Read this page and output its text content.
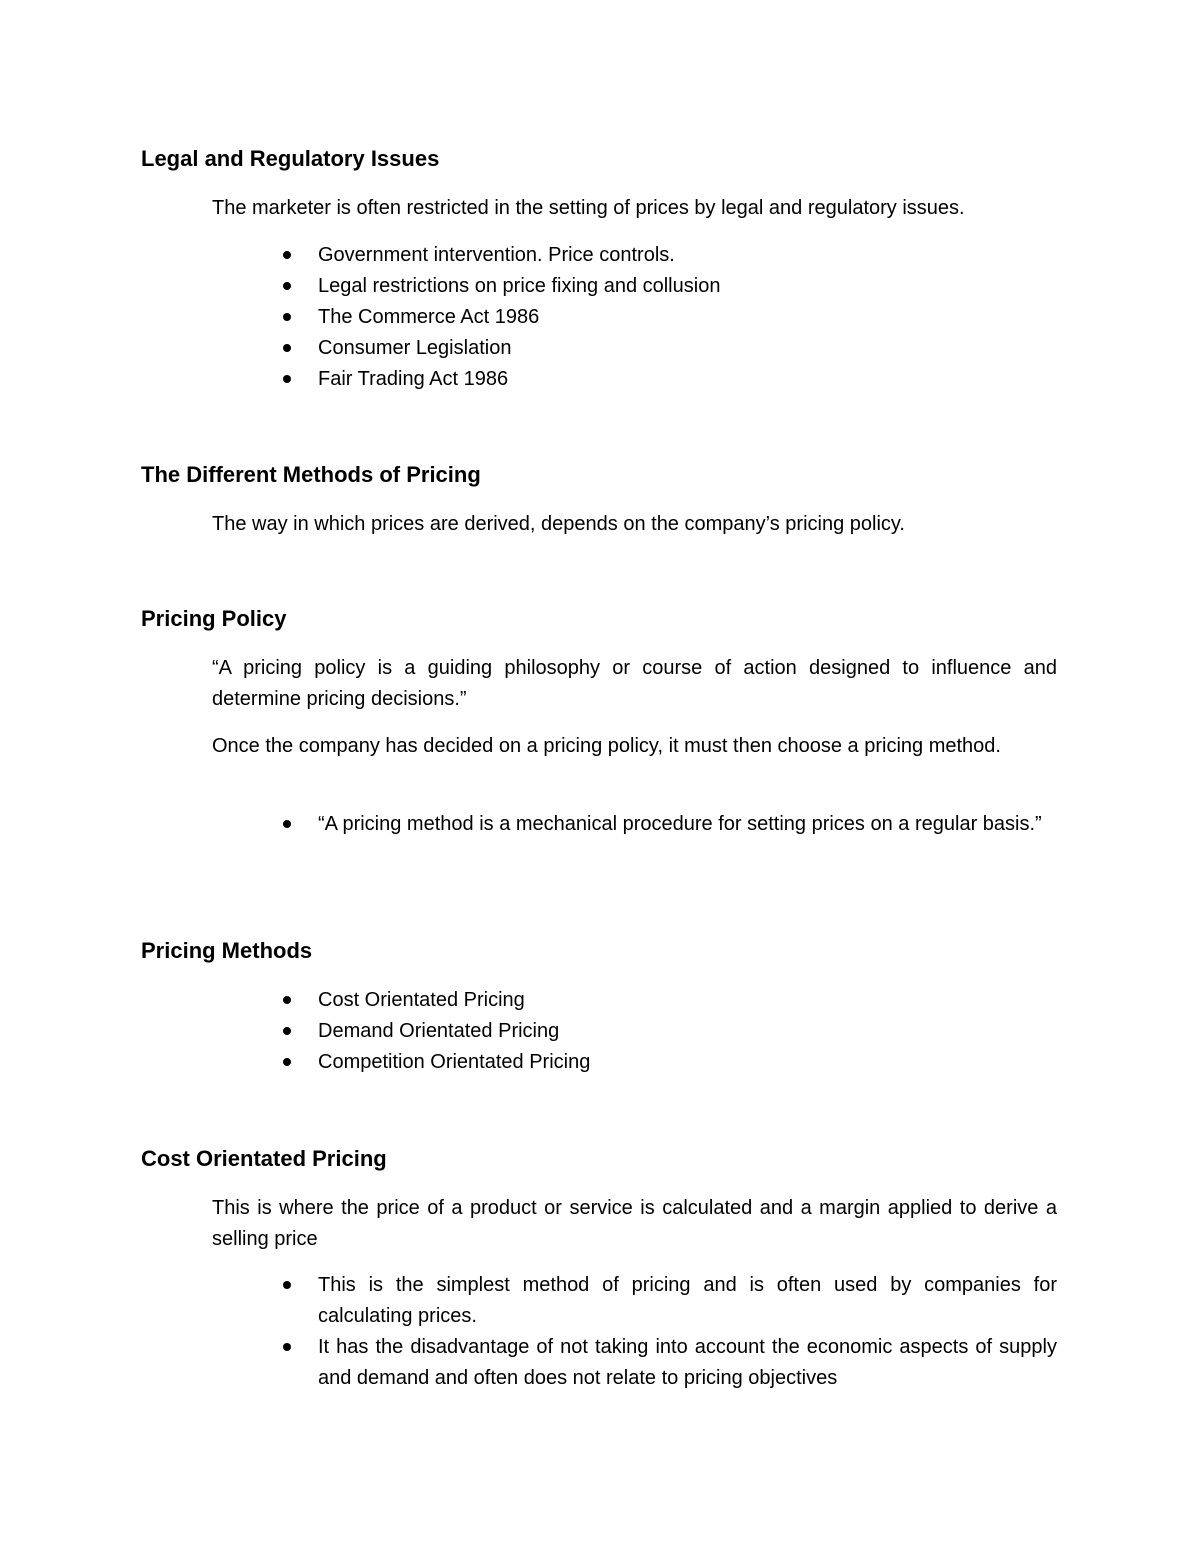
Legal and Regulatory Issues
The marketer is often restricted in the setting of prices by legal and regulatory issues.
Government intervention. Price controls.
Legal restrictions on price fixing and collusion
The Commerce Act 1986
Consumer Legislation
Fair Trading Act 1986
The Different Methods of Pricing
The way in which prices are derived, depends on the company’s pricing policy.
Pricing Policy
“A pricing policy is a guiding philosophy or course of action designed to influence and determine pricing decisions.”
Once the company has decided on a pricing policy, it must then choose a pricing method.
“A pricing method is a mechanical procedure for setting prices on a regular basis.”
Pricing Methods
Cost Orientated Pricing
Demand Orientated Pricing
Competition Orientated Pricing
Cost Orientated Pricing
This is where the price of a product or service is calculated and a margin applied to derive a selling price
This is the simplest method of pricing and is often used by companies for calculating prices.
It has the disadvantage of not taking into account the economic aspects of supply and demand and often does not relate to pricing objectives
